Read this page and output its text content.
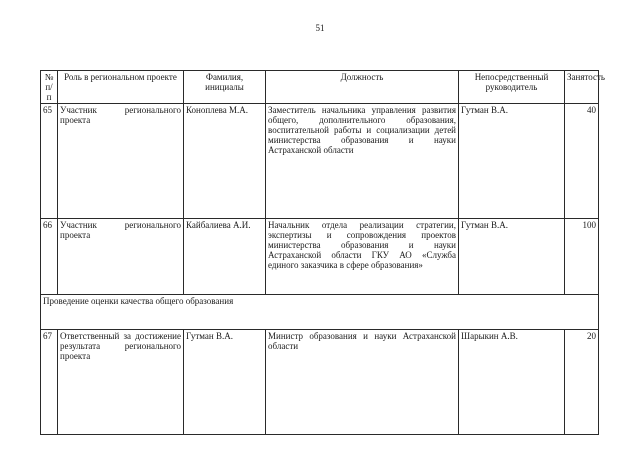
51
№ п/п	Роль в региональном проекте	Фамилия, инициалы	Должность	Непосредственный руководитель	Занятость
65	Участник регионального проекта	Коноплева М.А.	Заместитель начальника управления развития общего, дополнительного образования, воспитательной работы и социализации детей министерства образования и науки Астраханской области	Гутман В.А.	40
66	Участник регионального проекта	Кайбалиева А.И.	Начальник отдела реализации стратегии, экспертизы и сопровождения проектов министерства образования и науки Астраханской области ГКУ АО «Служба единого заказчика в сфере образования»	Гутман В.А.	100
Проведение оценки качества общего образования					
67	Ответственный за достижение результата регионального проекта	Гутман В.А.	Министр образования и науки Астраханской области	Шарыкин А.В.	20
